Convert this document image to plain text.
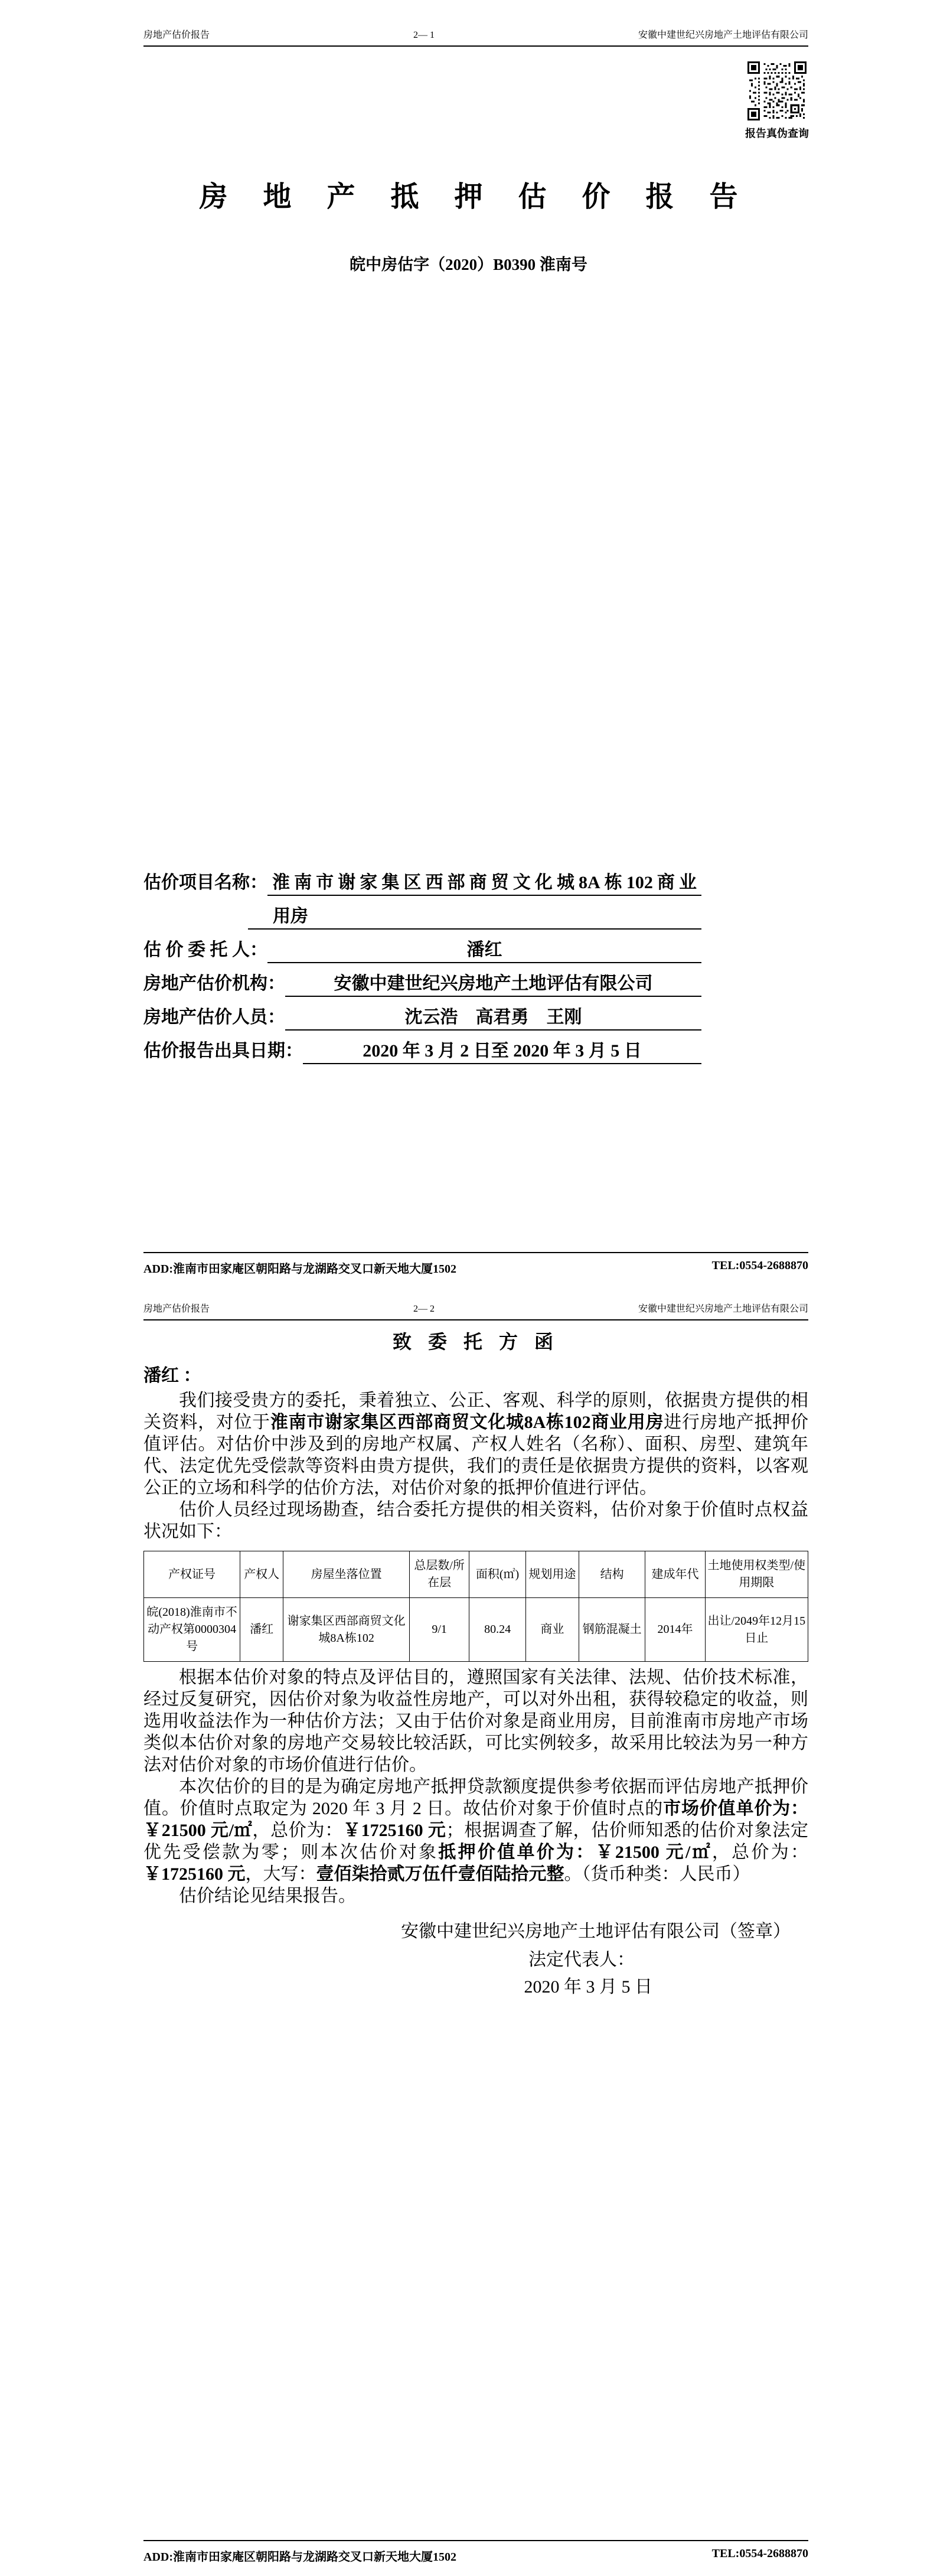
房地产估价报告	2— 1	安徽中建世纪兴房地产土地评估有限公司
报告真伪查询
房 地 产 抵 押 估 价 报 告
皖中房估字（2020）B0390 淮南号
估价项目名称： 淮南市谢家集区西部商贸文化城8A栋102商业
用房
估 价 委 托 人：	潘红
房地产估价机构：	安徽中建世纪兴房地产土地评估有限公司
房地产估价人员：	沈云浩　高君勇　王刚
估价报告出具日期：	2020 年 3 月 2 日至 2020 年 3 月 5 日
ADD:淮南市田家庵区朝阳路与龙湖路交叉口新天地大厦1502	TEL:0554-2688870
房地产估价报告	2— 2	安徽中建世纪兴房地产土地评估有限公司
致 委 托 方 函
潘红 ：

我们接受贵方的委托，秉着独立、公正、客观、科学的原则，依据贵方提供的相关资料，对位于淮南市谢家集区西部商贸文化城8A栋102商业用房进行房地产抵押价值评估。对估价中涉及到的房地产权属、产权人姓名（名称）、面积、房型、建筑年代、法定优先受偿款等资料由贵方提供，我们的责任是依据贵方提供的资料，以客观公正的立场和科学的估价方法，对估价对象的抵押价值进行评估。

估价人员经过现场勘查，结合委托方提供的相关资料，估价对象于价值时点权益状况如下：

产权证号	产权人	房屋坐落位置	总层数/所在层	面积(㎡)	规划用途	结构	建成年代	土地使用权类型/使用期限
皖(2018)淮南市不动产权第0000304号	潘红	谢家集区西部商贸文化城8A栋102	9/1	80.24	商业	钢筋混凝土	2014年	出让/2049年12月15日止

根据本估价对象的特点及评估目的，遵照国家有关法律、法规、估价技术标准，经过反复研究，因估价对象为收益性房地产，可以对外出租，获得较稳定的收益，则选用收益法作为一种估价方法；又由于估价对象是商业用房，目前淮南市房地产市场类似本估价对象的房地产交易较比较活跃，可比实例较多，故采用比较法为另一种方法对估价对象的市场价值进行估价。

本次估价的目的是为确定房地产抵押贷款额度提供参考依据而评估房地产抵押价值。价值时点取定为 2020 年 3 月 2 日。故估价对象于价值时点的市场价值单价为：￥21500 元/㎡，总价为：￥1725160 元；根据调查了解，估价师知悉的估价对象法定优先受偿款为零；则本次估价对象抵押价值单价为：￥21500 元/㎡，总价为：￥1725160 元，大写：壹佰柒拾贰万伍仟壹佰陆拾元整。（货币种类：人民币）

估价结论见结果报告。

安徽中建世纪兴房地产土地评估有限公司（签章）
法定代表人：
2020 年 3 月 5 日
ADD:淮南市田家庵区朝阳路与龙湖路交叉口新天地大厦1502	TEL:0554-2688870
